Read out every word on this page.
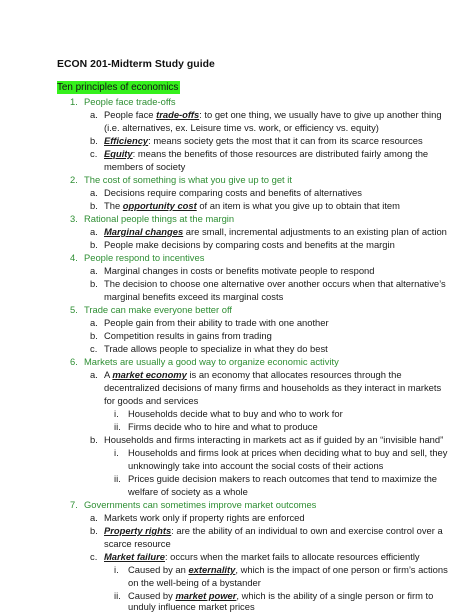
ECON 201-Midterm Study guide
Ten principles of economics
1. People face trade-offs
a. People face trade-offs: to get one thing, we usually have to give up another thing
(i.e. alternatives, ex. Leisure time vs. work, or efficiency vs. equity)
b. Efficiency: means society gets the most that it can from its scarce resources
c. Equity: means the benefits of those resources are distributed fairly among the
members of society
2. The cost of something is what you give up to get it
a. Decisions require comparing costs and benefits of alternatives
b. The opportunity cost of an item is what you give up to obtain that item
3. Rational people things at the margin
a. Marginal changes are small, incremental adjustments to an existing plan of action
b. People make decisions by comparing costs and benefits at the margin
4. People respond to incentives
a. Marginal changes in costs or benefits motivate people to respond
b. The decision to choose one alternative over another occurs when that alternative’s
marginal benefits exceed its marginal costs
5. Trade can make everyone better off
a. People gain from their ability to trade with one another
b. Competition results in gains from trading
c. Trade allows people to specialize in what they do best
6. Markets are usually a good way to organize economic activity
a. A market economy is an economy that allocates resources through the
decentralized decisions of many firms and households as they interact in markets
for goods and services
i. Households decide what to buy and who to work for
ii. Firms decide who to hire and what to produce
b. Households and firms interacting in markets act as if guided by an “invisible hand”
i. Households and firms look at prices when deciding what to buy and sell, they
unknowingly take into account the social costs of their actions
ii. Prices guide decision makers to reach outcomes that tend to maximize the
welfare of society as a whole
7. Governments can sometimes improve market outcomes
a. Markets work only if property rights are enforced
b. Property rights: are the ability of an individual to own and exercise control over a
scarce resource
c. Market failure: occurs when the market fails to allocate resources efficiently
i. Caused by an externality, which is the impact of one person or firm’s actions
on the well-being of a bystander
ii. Caused by market power, which is the ability of a single person or firm to
unduly influence market prices
